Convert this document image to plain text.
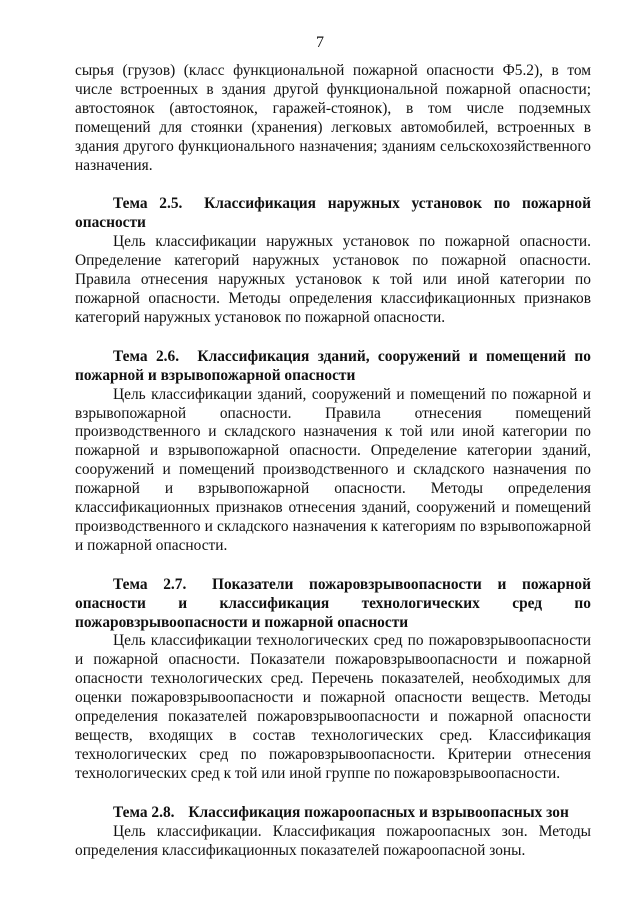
7

сырья (грузов) (класс функциональной пожарной опасности Ф5.2), в том числе встроенных в здания другой функциональной пожарной опасности; автостоянок (автостоянок, гаражей-стоянок), в том числе подземных помещений для стоянки (хранения) легковых автомобилей, встроенных в здания другого функционального назначения; зданиям сельскохозяйственного назначения.

Тема 2.5. Классификация наружных установок по пожарной опасности

Цель классификации наружных установок по пожарной опасности. Определение категорий наружных установок по пожарной опасности. Правила отнесения наружных установок к той или иной категории по пожарной опасности. Методы определения классификационных признаков категорий наружных установок по пожарной опасности.

Тема 2.6. Классификация зданий, сооружений и помещений по пожарной и взрывопожарной опасности

Цель классификации зданий, сооружений и помещений по пожарной и взрывопожарной опасности. Правила отнесения помещений производственного и складского назначения к той или иной категории по пожарной и взрывопожарной опасности. Определение категории зданий, сооружений и помещений производственного и складского назначения по пожарной и взрывопожарной опасности. Методы определения классификационных признаков отнесения зданий, сооружений и помещений производственного и складского назначения к категориям по взрывопожарной и пожарной опасности.

Тема 2.7. Показатели пожаровзрывоопасности и пожарной опасности и классификация технологических сред по пожаровзрывоопасности и пожарной опасности

Цель классификации технологических сред по пожаровзрывоопасности и пожарной опасности. Показатели пожаровзрывоопасности и пожарной опасности технологических сред. Перечень показателей, необходимых для оценки пожаровзрывоопасности и пожарной опасности веществ. Методы определения показателей пожаровзрывоопасности и пожарной опасности веществ, входящих в состав технологических сред. Классификация технологических сред по пожаровзрывоопасности. Критерии отнесения технологических сред к той или иной группе по пожаровзрывоопасности.

Тема 2.8. Классификация пожароопасных и взрывоопасных зон

Цель классификации. Классификация пожароопасных зон. Методы определения классификационных показателей пожароопасной зоны.
